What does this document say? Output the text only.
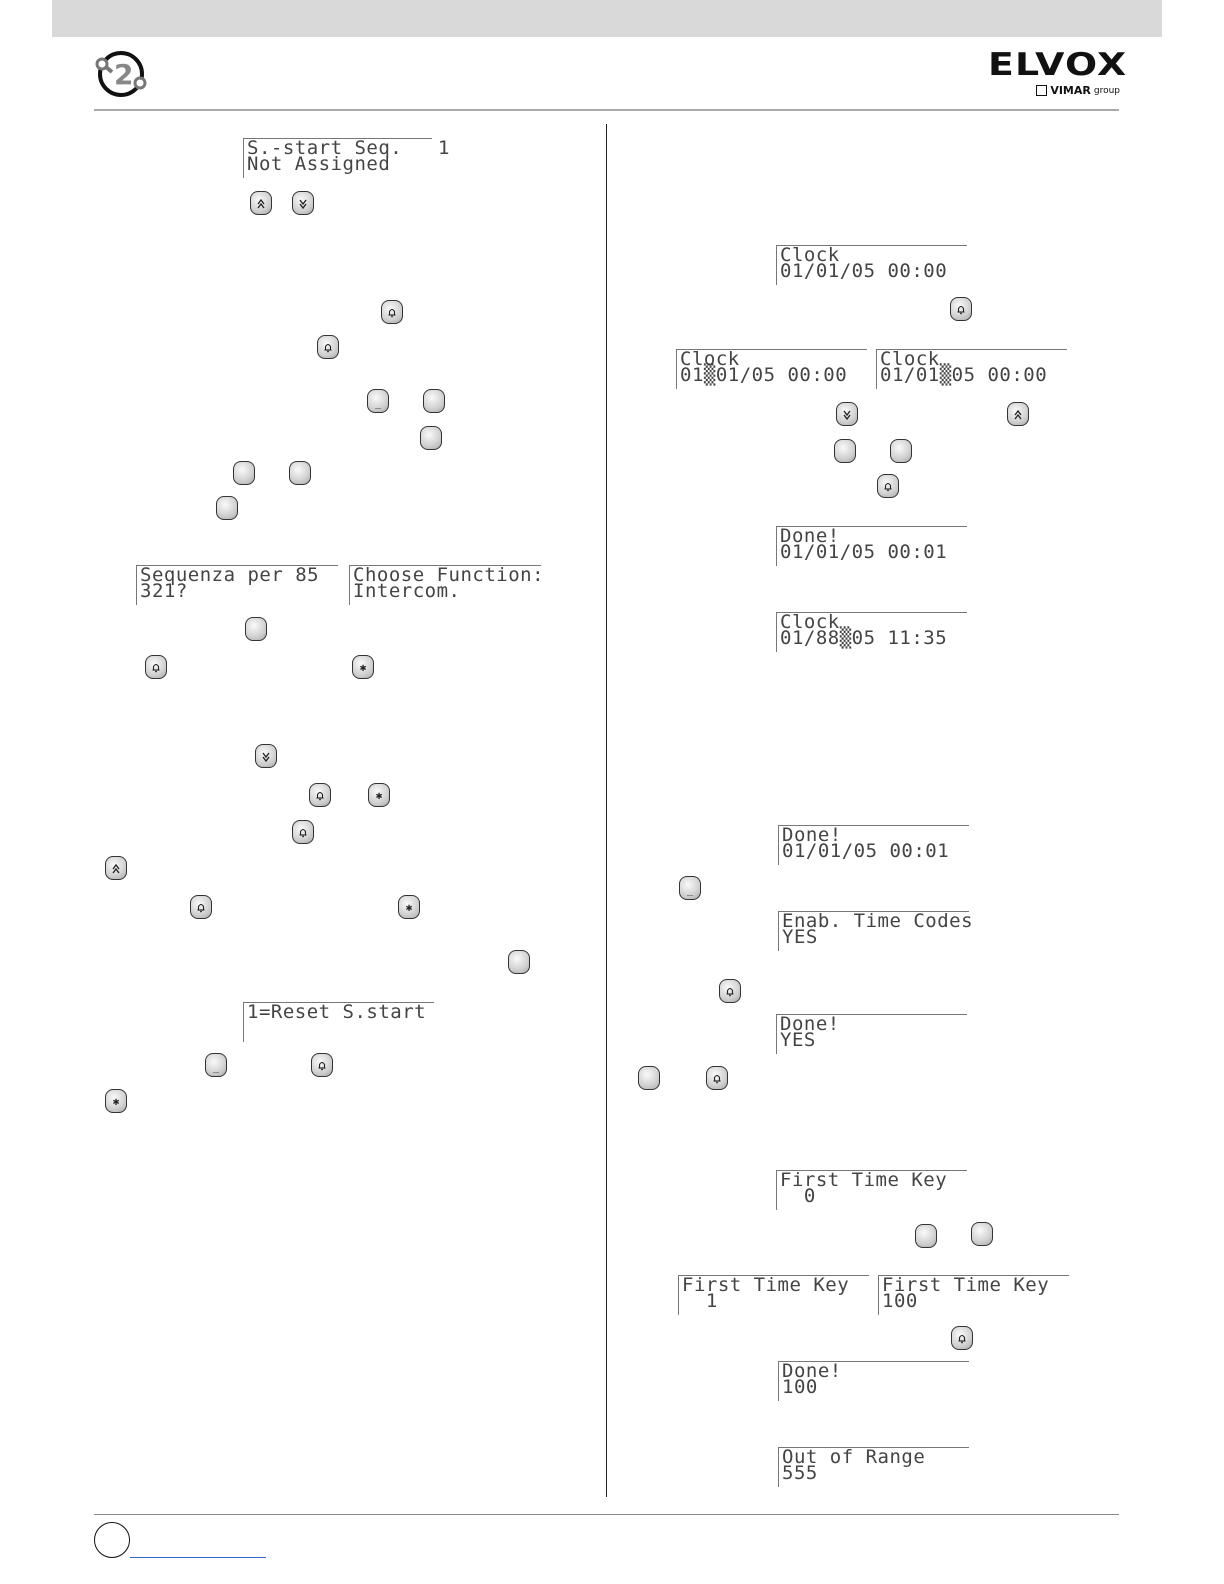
2	ELVOX
VIMAR group
S.-start Seq.   1
Not Assigned
_
Sequenza per 85
321?
Choose Function:
Intercom.
✱
✱
✱
1=Reset S.start
_
✱
Clock
01/01/05 00:00
Clock
01▒01/05 00:00
Clock
01/01▒05 00:00
Done!
01/01/05 00:01
Clock
01/88▒05 11:35
Done!
01/01/05 00:01
_
Enab. Time Codes
YES
Done!
YES
First Time Key
0
First Time Key
1
First Time Key
100
Done!
100
Out of Range
555
